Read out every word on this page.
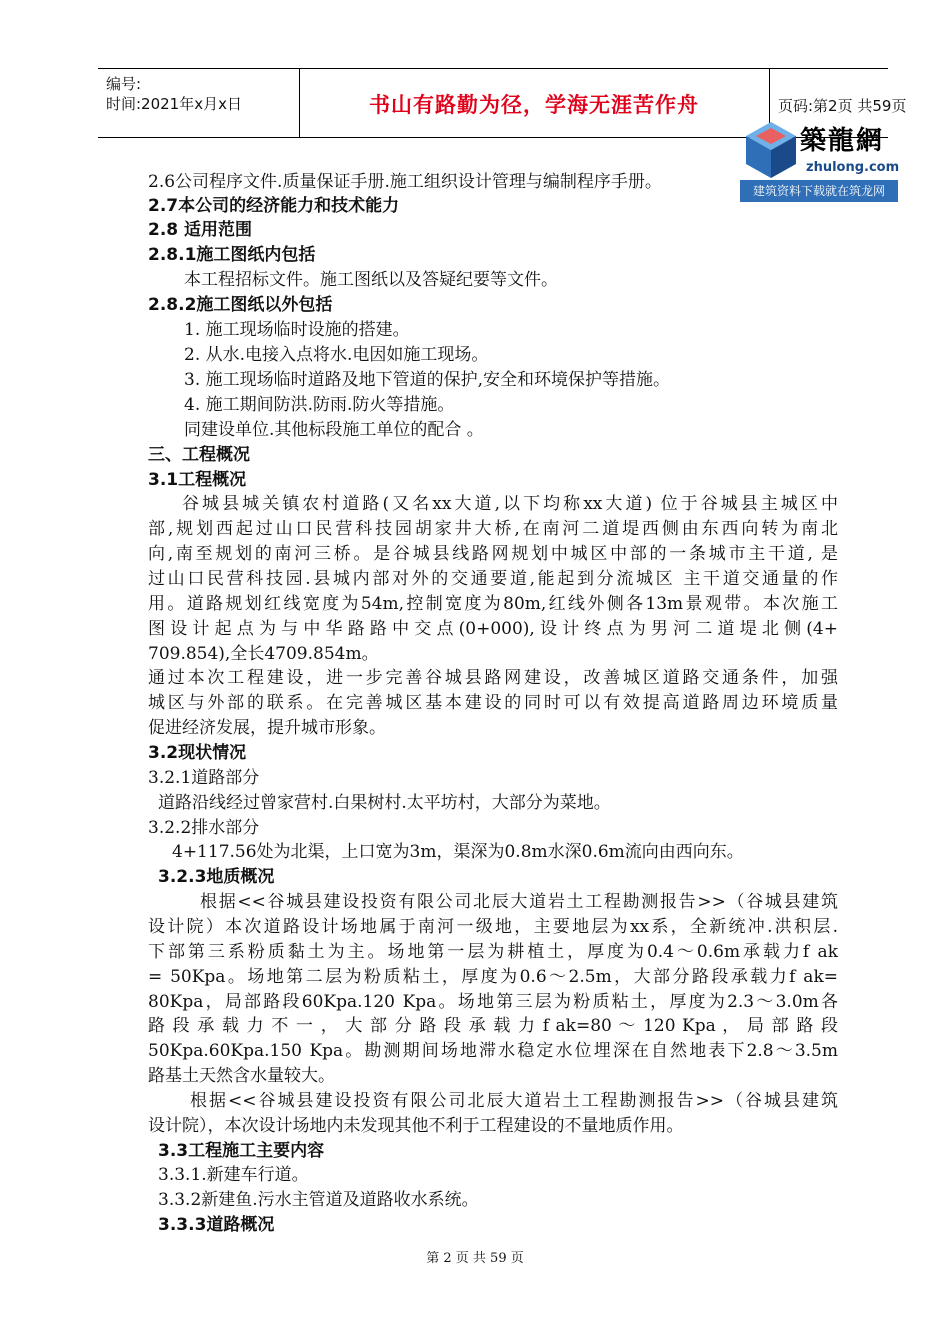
编号:
时间:2021年x月x日	书山有路勤为径，学海无涯苦作舟	页码:第2页 共59页
築龍網
zhulong.com
建筑资料下载就在筑龙网
2.6公司程序文件.质量保证手册.施工组织设计管理与编制程序手册。
2.7本公司的经济能力和技术能力
2.8 适用范围
2.8.1施工图纸内包括
本工程招标文件。施工图纸以及答疑纪要等文件。
2.8.2施工图纸以外包括
1. 施工现场临时设施的搭建。
2. 从水.电接入点将水.电因如施工现场。
3. 施工现场临时道路及地下管道的保护,安全和环境保护等措施。
4. 施工期间防洪.防雨.防火等措施。
同建设单位.其他标段施工单位的配合 。
三、工程概况
3.1工程概况
谷城县城关镇农村道路(又名xx大道,以下均称xx大道) 位于谷城县主城区中
部,规划西起过山口民营科技园胡家井大桥,在南河二道堤西侧由东西向转为南北
向,南至规划的南河三桥。是谷城县线路网规划中城区中部的一条城市主干道, 是
过山口民营科技园.县城内部对外的交通要道,能起到分流城区 主干道交通量的作
用。道路规划红线宽度为54m,控制宽度为80m,红线外侧各13m景观带。本次施工
图设计起点为与中华路路中交点(0+000),设计终点为男河二道堤北侧(4+
709.854),全长4709.854m。
通过本次工程建设，进一步完善谷城县路网建设，改善城区道路交通条件，加强
城区与外部的联系。在完善城区基本建设的同时可以有效提高道路周边环境质量
促进经济发展，提升城市形象。
3.2现状情况
3.2.1道路部分
道路沿线经过曾家营村.白果树村.太平坊村，大部分为菜地。
3.2.2排水部分
4+117.56处为北渠，上口宽为3m，渠深为0.8m水深0.6m流向由西向东。
3.2.3地质概况
根据<<谷城县建设投资有限公司北辰大道岩土工程勘测报告>>（谷城县建筑
设计院）本次道路设计场地属于南河一级地，主要地层为xx系，全新统冲.洪积层.
下部第三系粉质黏土为主。场地第一层为耕植土，厚度为0.4～0.6m承载力f ak
= 50Kpa。场地第二层为粉质粘土，厚度为0.6～2.5m，大部分路段承载力f ak=
80Kpa，局部路段60Kpa.120 Kpa。场地第三层为粉质粘土，厚度为2.3～3.0m各
路 段 承 载 力 不 一 ， 大 部 分 路 段 承 载 力 f ak=80 ～ 120 Kpa ， 局 部 路 段
50Kpa.60Kpa.150 Kpa。勘测期间场地滞水稳定水位埋深在自然地表下2.8～3.5m
路基土天然含水量较大。
根据<<谷城县建设投资有限公司北辰大道岩土工程勘测报告>>（谷城县建筑
设计院），本次设计场地内未发现其他不利于工程建设的不量地质作用。
3.3工程施工主要内容
3.3.1.新建车行道。
3.3.2新建鱼.污水主管道及道路收水系统。
3.3.3道路概况
第 2 页 共 59 页
